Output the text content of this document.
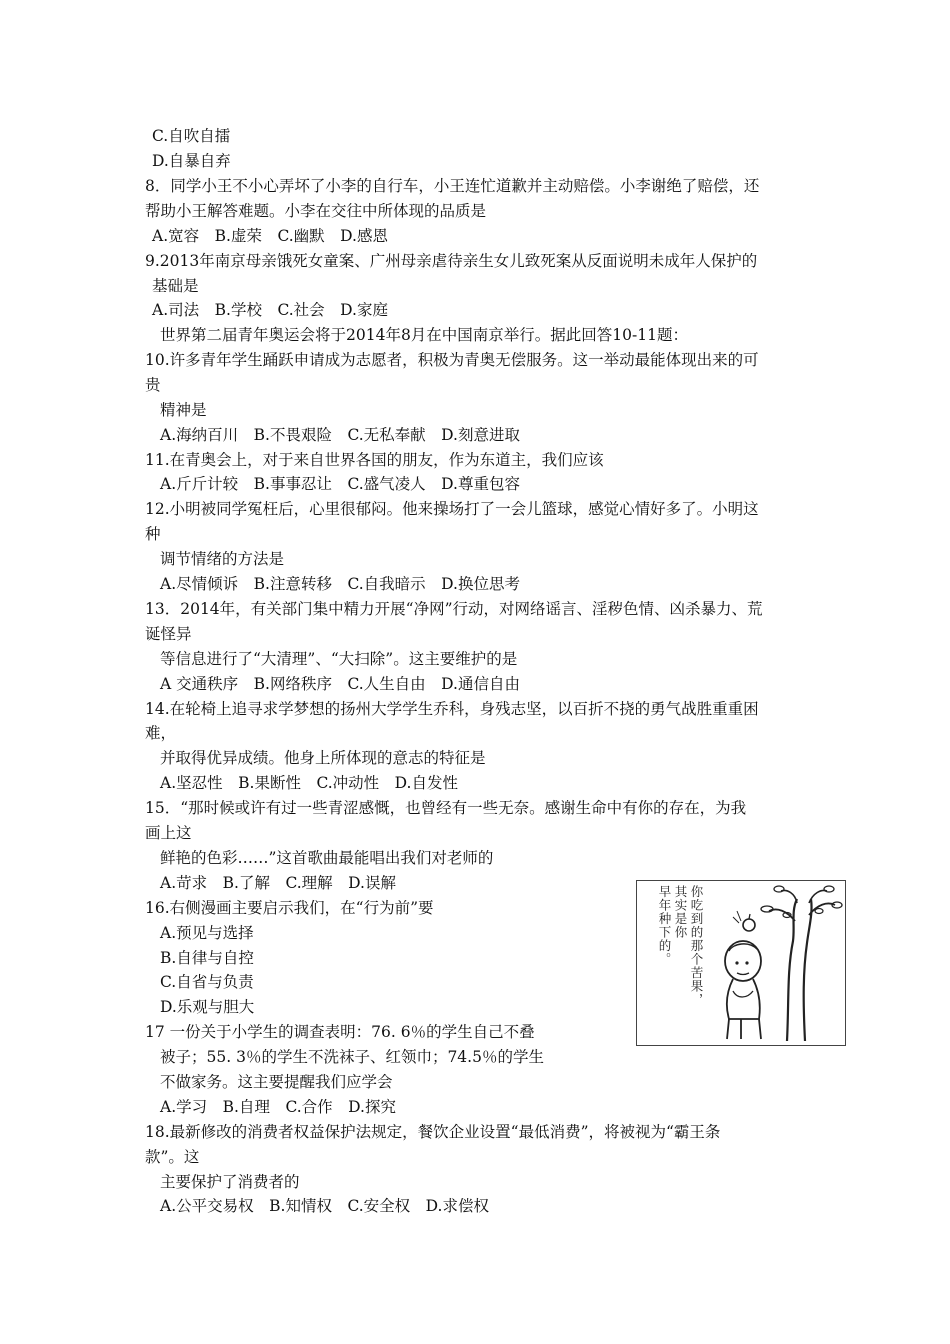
C.自吹自擂
D.自暴自弃
8．同学小王不小心弄坏了小李的自行车，小王连忙道歉并主动赔偿。小李谢绝了赔偿，还
帮助小王解答难题。小李在交往中所体现的品质是
A.宽容　B.虚荣　C.幽默　D.感恩
9.2013年南京母亲饿死女童案、广州母亲虐待亲生女儿致死案从反面说明未成年人保护的
基础是
A.司法　B.学校　C.社会　D.家庭
世界第二届青年奥运会将于2014年8月在中国南京举行。据此回答10-11题：
10.许多青年学生踊跃申请成为志愿者，积极为青奥无偿服务。这一举动最能体现出来的可
贵
精神是
A.海纳百川　B.不畏艰险　C.无私奉献　D.刻意进取
11.在青奥会上，对于来自世界各国的朋友，作为东道主，我们应该
A.斤斤计较　B.事事忍让　C.盛气凌人　D.尊重包容
12.小明被同学冤枉后，心里很郁闷。他来操场打了一会儿篮球，感觉心情好多了。小明这
种
调节情绪的方法是
A.尽情倾诉　B.注意转移　C.自我暗示　D.换位思考
13．2014年，有关部门集中精力开展“净网”行动，对网络谣言、淫秽色情、凶杀暴力、荒
诞怪异
等信息进行了“大清理”、“大扫除”。这主要维护的是
A 交通秩序　B.网络秩序　C.人生自由　D.通信自由
14.在轮椅上追寻求学梦想的扬州大学学生乔科，身残志坚，以百折不挠的勇气战胜重重困
难，
并取得优异成绩。他身上所体现的意志的特征是
A.坚忍性　B.果断性　C.冲动性　D.自发性
15．“那时候或许有过一些青涩感慨，也曾经有一些无奈。感谢生命中有你的存在，为我
画上这
鲜艳的色彩……”这首歌曲最能唱出我们对老师的
A.苛求　B.了解　C.理解　D.误解
16.右侧漫画主要启示我们，在“行为前”要
A.预见与选择
B.自律与自控
C.自省与负责
D.乐观与胆大
17 一份关于小学生的调查表明：76. 6％的学生自己不叠
被子；55. 3％的学生不洗袜子、红领巾；74.5％的学生
不做家务。这主要提醒我们应学会
A.学习　B.自理　C.合作　D.探究
18.最新修改的消费者权益保护法规定，餐饮企业设置“最低消费”，将被视为“霸王条
款”。这
主要保护了消费者的
A.公平交易权　B.知情权　C.安全权　D.求偿权
你吃到的那个苦果，
其实是你
早年种下的。
